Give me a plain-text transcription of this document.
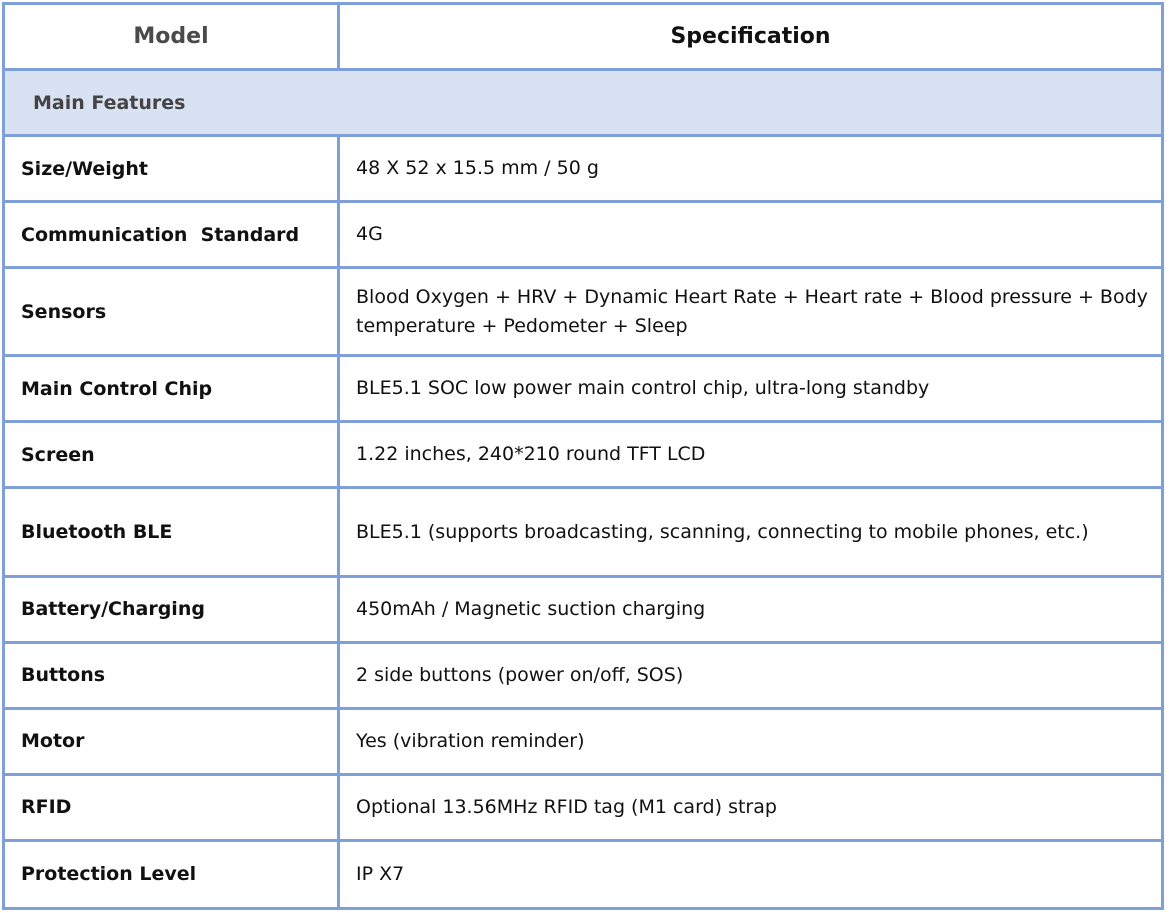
Model	Specification
Main Features	
Size/Weight	48 X 52 x 15.5 mm / 50 g
Communication  Standard	4G
Sensors	Blood Oxygen + HRV + Dynamic Heart Rate + Heart rate + Blood pressure + Body temperature + Pedometer + Sleep
Main Control Chip	BLE5.1 SOC low power main control chip, ultra-long standby
Screen	1.22 inches, 240*210 round TFT LCD
Bluetooth BLE	BLE5.1 (supports broadcasting, scanning, connecting to mobile phones, etc.)
Battery/Charging	450mAh / Magnetic suction charging
Buttons	2 side buttons (power on/off, SOS)
Motor	Yes (vibration reminder)
RFID	Optional 13.56MHz RFID tag (M1 card) strap
Protection Level	IP X7
